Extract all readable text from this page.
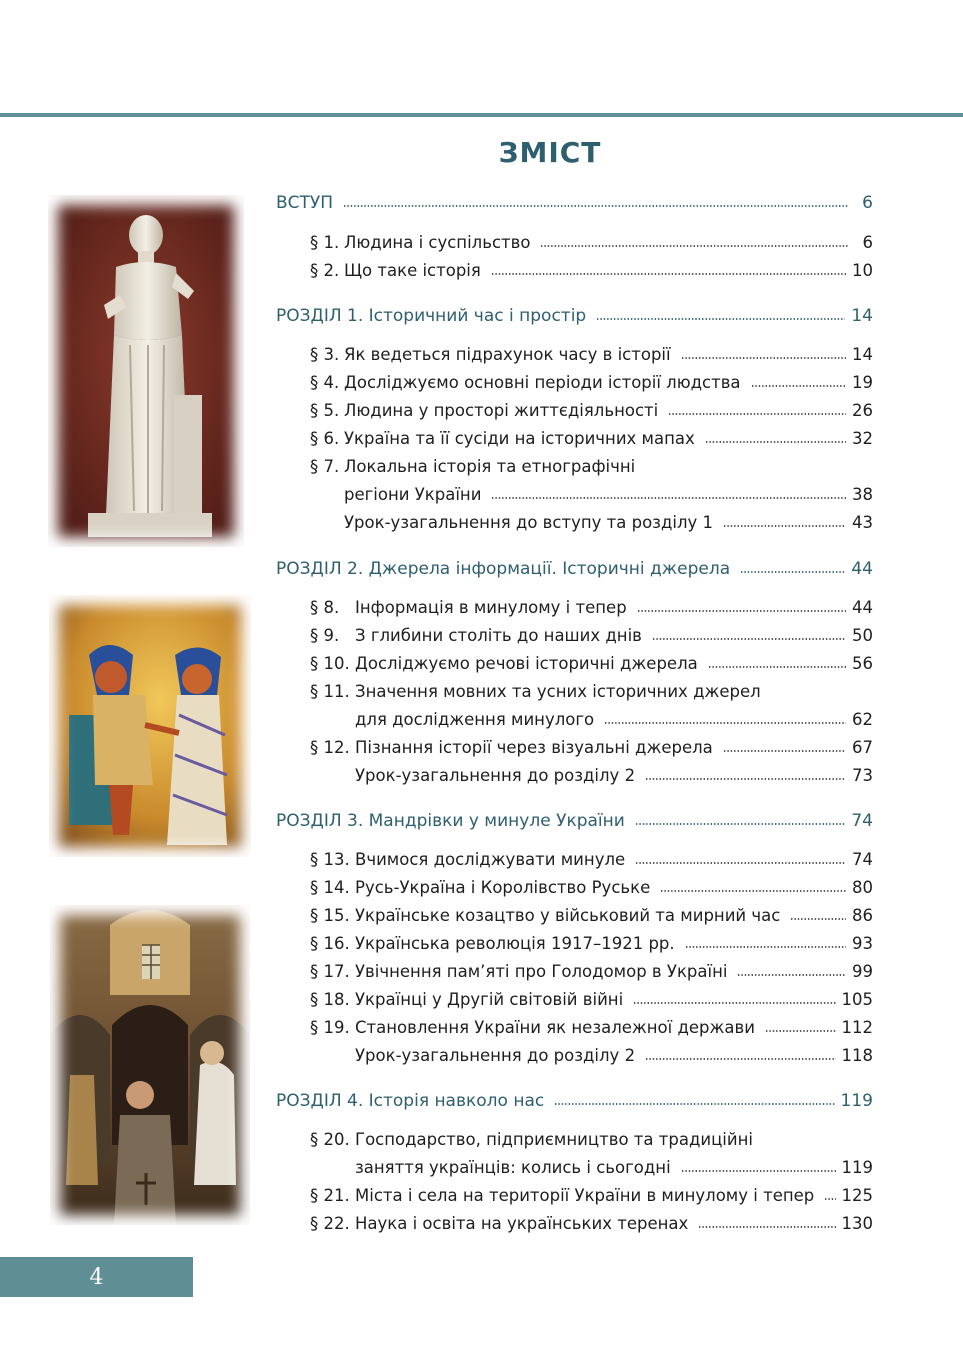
ЗМІСТ
ВСТУП	6
§ 1. Людина і суспільство	6
§ 2. Що таке історія	10
РОЗДІЛ 1. Історичний час і простір	14
§ 3. Як ведеться підрахунок часу в історії	14
§ 4. Досліджуємо основні періоди історії людства	19
§ 5. Людина у просторі життєдіяльності	26
§ 6. Україна та її сусіди на історичних мапах	32
§ 7. Локальна історія та етнографічні
регіони України	38
Урок-узагальнення до вступу та розділу 1	43
РОЗДІЛ 2. Джерела інформації. Історичні джерела	44
§ 8. Інформація в минулому і тепер	44
§ 9. З глибини століть до наших днів	50
§ 10. Досліджуємо речові історичні джерела	56
§ 11. Значення мовних та усних історичних джерел
для дослідження минулого	62
§ 12. Пізнання історії через візуальні джерела	67
Урок-узагальнення до розділу 2	73
РОЗДІЛ 3. Мандрівки у минуле України	74
§ 13. Вчимося досліджувати минуле	74
§ 14. Русь-Україна і Королівство Руське	80
§ 15. Українське козацтво у військовий та мирний час	86
§ 16. Українська революція 1917–1921 рр.	93
§ 17. Увічнення пам’яті про Голодомор в Україні	99
§ 18. Українці у Другій світовій війні	105
§ 19. Становлення України як незалежної держави	112
Урок-узагальнення до розділу 2	118
РОЗДІЛ 4. Історія навколо нас	119
§ 20. Господарство, підприємництво та традиційні
заняття українців: колись і сьогодні	119
§ 21. Міста і села на території України в минулому і тепер 125
§ 22. Наука і освіта на українських теренах	130
4
